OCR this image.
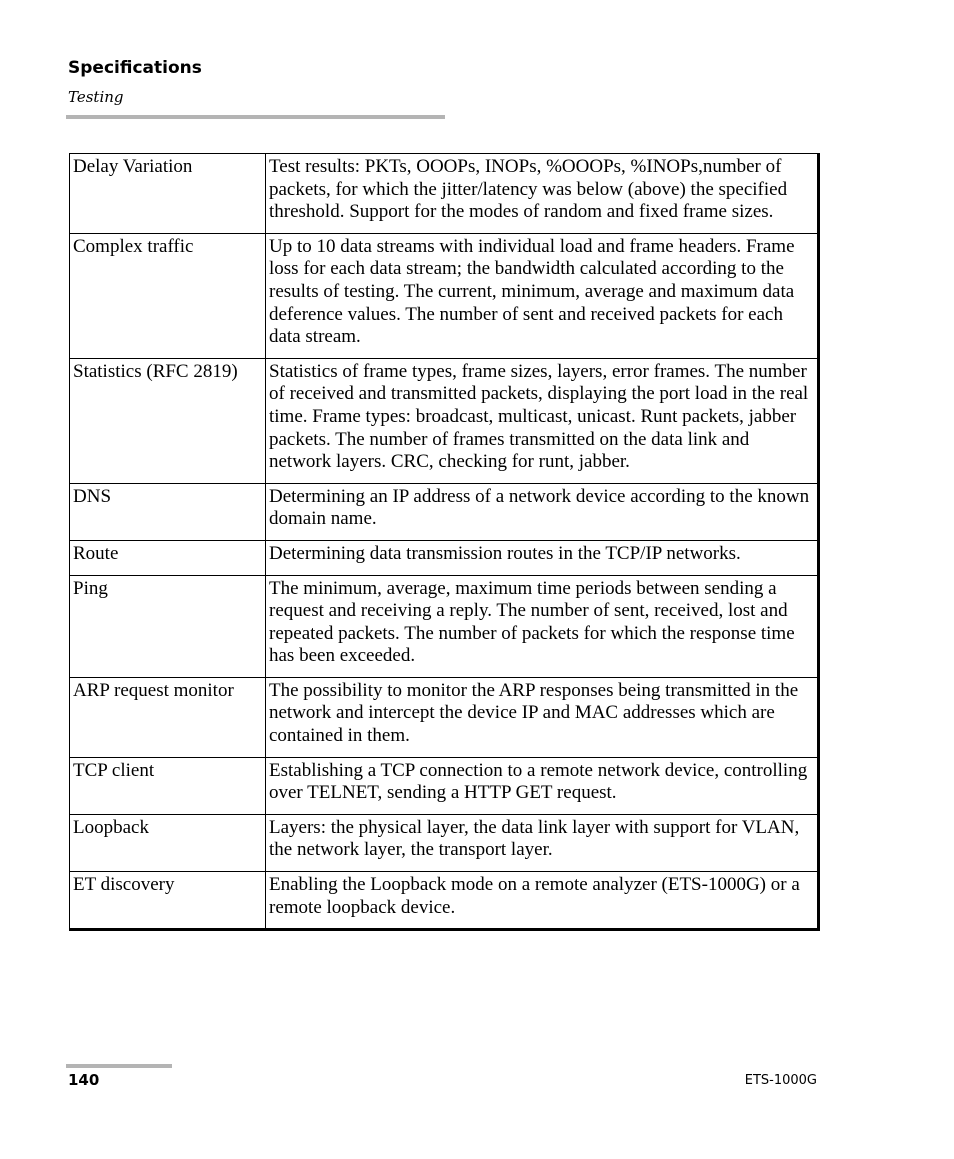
Specifications
Testing
Delay Variation	Test results: PKTs, OOOPs, INOPs, %OOOPs, %INOPs,number of packets, for which the jitter/latency was below (above) the specified threshold. Support for the modes of random and fixed frame sizes.
Complex traffic	Up to 10 data streams with individual load and frame headers. Frame loss for each data stream; the bandwidth calculated according to the results of testing. The current, minimum, average and maximum data deference values. The number of sent and received packets for each data stream.
Statistics (RFC 2819)	Statistics of frame types, frame sizes, layers, error frames. The number of received and transmitted packets, displaying the port load in the real time. Frame types: broadcast, multicast, unicast. Runt packets, jabber packets. The number of frames transmitted on the data link and network layers. CRC, checking for runt, jabber.
DNS	Determining an IP address of a network device according to the known domain name.
Route	Determining data transmission routes in the TCP/IP networks.
Ping	The minimum, average, maximum time periods between sending a request and receiving a reply. The number of sent, received, lost and repeated packets. The number of packets for which the response time has been exceeded.
ARP request monitor	The possibility to monitor the ARP responses being transmitted in the network and intercept the device IP and MAC addresses which are contained in them.
TCP client	Establishing a TCP connection to a remote network device, controlling over TELNET, sending a HTTP GET request.
Loopback	Layers: the physical layer, the data link layer with support for VLAN, the network layer, the transport layer.
ET discovery	Enabling the Loopback mode on a remote analyzer (ETS-1000G) or a remote loopback device.
140	ETS-1000G
